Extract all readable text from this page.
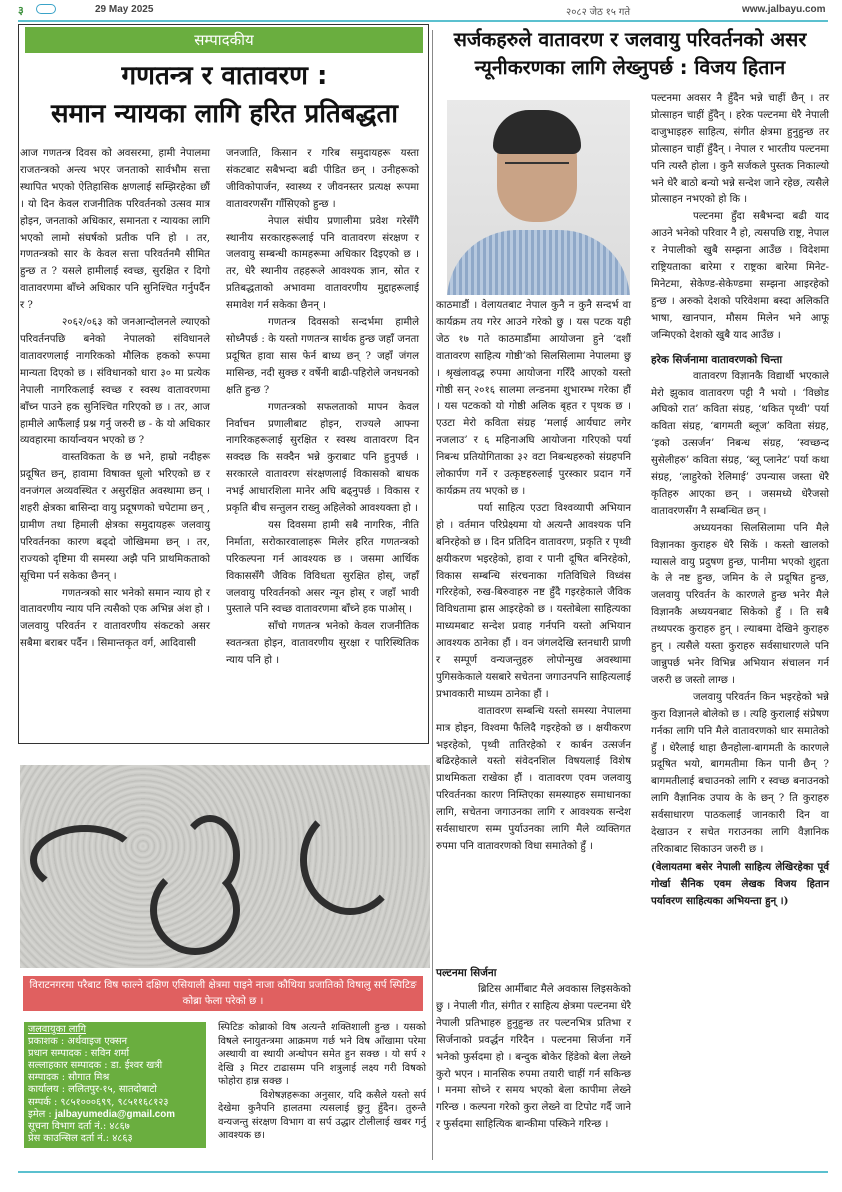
३	29 May 2025	२०८२ जेठ १५ गते	www.jalbayu.com
सम्पादकीय
गणतन्त्र र वातावरण :
समान न्यायका लागि हरित प्रतिबद्धता

आज गणतन्त्र दिवस को अवसरमा, हामी नेपालमा राजतन्त्रको अन्त्य भएर जनताको सार्वभौम सत्ता स्थापित भएको ऐतिहासिक क्षणलाई सम्झिरहेका छौं । यो दिन केवल राजनीतिक परिवर्तनको उत्सव मात्र होइन, जनताको अधिकार, समानता र न्यायका लागि भएको लामो संघर्षको प्रतीक पनि हो । तर, गणतन्त्रको सार के केवल सत्ता परिवर्तनमै सीमित हुन्छ त ? यसले हामीलाई स्वच्छ, सुरक्षित र दिगो वातावरणमा बाँच्ने अधिकार पनि सुनिश्चित गर्नुपर्दैन र ?

२०६२/०६३ को जनआन्दोलनले ल्याएको परिवर्तनपछि बनेको नेपालको संविधानले वातावरणलाई नागरिकको मौलिक हकको रूपमा मान्यता दिएको छ । संविधानको धारा ३० मा प्रत्येक नेपाली नागरिकलाई स्वच्छ र स्वस्थ वातावरणमा बाँच्न पाउने हक सुनिश्चित गरिएको छ । तर, आज हामीले आफैंलाई प्रश्न गर्नु जरुरी छ - के यो अधिकार व्यवहारमा कार्यान्वयन भएको छ ?

वास्तविकता के छ भने, हाम्रो नदीहरू प्रदूषित छन्, हावामा विषाक्त धूलो भरिएको छ र वनजंगल अव्यवस्थित र असुरक्षित अवस्थामा छन् । शहरी क्षेत्रका बासिन्दा वायु प्रदूषणको चपेटामा छन् , ग्रामीण तथा हिमाली क्षेत्रका समुदायहरू जलवायु परिवर्तनका कारण बढ्दो जोखिममा छन् । तर, राज्यको दृष्टिमा यी समस्या अझै पनि प्राथमिकताको सूचिमा पर्न सकेका छैनन् ।

गणतन्त्रको सार भनेको समान न्याय हो र वातावरणीय न्याय पनि त्यसैको एक अभिन्न अंश हो । जलवायु परिवर्तन र वातावरणीय संकटको असर सबैमा बराबर पर्दैन । सिमान्तकृत वर्ग, आदिवासी

जनजाति, किसान र गरिब समुदायहरू यस्ता संकटबाट सबैभन्दा बढी पीडित छन् । उनीहरूको जीविकोपार्जन, स्वास्थ्य र जीवनस्तर प्रत्यक्ष रूपमा वातावरणसँग गाँसिएको हुन्छ ।

नेपाल संघीय प्रणालीमा प्रवेश गरेसँगै स्थानीय सरकारहरूलाई पनि वातावरण संरक्षण र जलवायु सम्बन्धी कामहरूमा अधिकार दिइएको छ । तर, धेरै स्थानीय तहहरूले आवश्यक ज्ञान, स्रोत र प्रतिबद्धताको अभावमा वातावरणीय मुद्दाहरूलाई समावेश गर्न सकेका छैनन् ।

गणतन्त्र दिवसको सन्दर्भमा हामीले सोध्नैपर्छ : के यस्तो गणतन्त्र सार्थक हुन्छ जहाँ जनता प्रदूषित हावा सास फेर्न बाध्य छन् ? जहाँ जंगल मासिन्छ, नदी सुक्छ र वर्षेनी बाढी-पहिरोले जनधनको क्षति हुन्छ ?

गणतन्त्रको सफलताको मापन केवल निर्वाचन प्रणालीबाट होइन, राज्यले आफ्ना नागरिकहरूलाई सुरक्षित र स्वस्थ वातावरण दिन सक्दछ कि सक्दैन भन्ने कुराबाट पनि हुनुपर्छ । सरकारले वातावरण संरक्षणलाई विकासको बाधक नभई आधारशिला मानेर अघि बढ्नुपर्छ । विकास र प्रकृति बीच सन्तुलन राख्नु अहिलेको आवश्यक्ता हो ।

यस दिवसमा हामी सबै नागरिक, नीति निर्माता, सरोकारवालाहरू मिलेर हरित गणतन्त्रको परिकल्पना गर्न आवश्यक छ । जसमा आर्थिक विकाससँगै जैविक विविधता सुरक्षित होस्, जहाँ जलवायु परिवर्तनको असर न्यून होस् र जहाँ भावी पुस्ताले पनि स्वच्छ वातावरणमा बाँच्ने हक पाओस् ।

साँचो गणतन्त्र भनेको केवल राजनीतिक स्वतन्त्रता होइन, वातावरणीय सुरक्षा र पारिस्थितिक न्याय पनि हो ।

विराटनगरमा परैबाट विष फाल्ने दक्षिण एसियाली क्षेत्रमा पाइने नाजा कौथिया प्रजातिको विषालु सर्प स्पिटिङ कोब्रा फेला परेको छ ।
जलवायुका लागि
प्रकाशक : अर्थवाइज एक्सन
प्रधान सम्पादक : सविन शर्मा
सल्लाहकार सम्पादक : डा. ईश्वर खत्री
सम्पादक : सौगात मिश्र
कार्यालय : ललितपुर-१५, सातदोबाटो
सम्पर्क : ९८५१०००६९९, ९८५११६८१२३
इमेल : jalbayumedia@gmail.com
सूचना विभाग दर्ता नं.: ४८६७
प्रेस काउन्सिल दर्ता नं.: ४८६३

स्पिटिङ कोब्राको विष अत्यन्तै शक्तिशाली हुन्छ । यसको विषले स्नायुतन्त्रमा आक्रमण गर्छ भने विष आँखामा परेमा अस्थायी वा स्थायी अन्धोपन समेत हुन सक्छ । यो सर्प २ देखि ३ मिटर टाढासम्म पनि शत्रुलाई लक्ष्य गरी विषको फोहोरा हान्न सक्छ ।

विशेषज्ञहरूका अनुसार, यदि कसैले यस्तो सर्प देखेमा कुनैपनि हालतमा त्यसलाई छुनु हुँदैन। तुरुन्तै वन्यजन्तु संरक्षण विभाग वा सर्प उद्धार टोलीलाई खबर गर्नु आवश्यक छ।

सर्जकहरुले वातावरण र जलवायु परिवर्तनको असर
न्यूनीकरणका लागि लेख्नुपर्छ : विजय हितान

काठमाडौं । वेलायतबाट नेपाल कुनै न कुनै सन्दर्भ वा कार्यक्रम तय गरेर आउने गरेको छु । यस पटक यही जेठ १७ गते काठमाडौंमा आयोजना हुने ‘दशौं वातावरण साहित्य गोष्ठी’को सिलसिलामा नेपालमा छु । श्रृखंलावद्ध रुपमा आयोजना गरिँदै आएको यस्तो गोष्ठी सन् २०१६ सालमा लन्डनमा शुभारम्भ गरेका हौं । यस पटकको यो गोष्ठी अलिक बृहत र पृथक छ । एउटा मेरो कविता संग्रह ‘मलाई आर्यघाट लगेर नजलाउ’ र ६ महिनाअघि आयोजना गरिएको पर्या निबन्ध प्रतियोगिताका ३२ वटा निबन्धहरुको संग्रहपनि लोकार्पण गर्ने र उत्कृष्टहरुलाई पुरस्कार प्रदान गर्ने कार्यक्रम तय भएको छ ।

पर्या साहित्य एउटा विश्वव्यापी अभियान हो । वर्तमान परिप्रेक्ष्यमा यो अत्यन्तै आवश्यक पनि बनिरहेको छ । दिन प्रतिदिन वातावरण, प्रकृति र पृथ्वी क्षयीकरण भइरहेको, हावा र पानी दूषित बनिरहेको, विकास सम्बन्धि संरचनाका गतिविधिले विध्वंस गरिरहेको, रुख-बिरुवाहरु नष्ट हुँदै गइरहेकाले जैविक विविधतामा ह्रास आइरहेको छ । यस्तोबेला साहित्यका माध्यमबाट सन्देश प्रवाह गर्नपनि यस्तो अभियान आवश्यक ठानेका हौं । वन जंगलदेखि स्तनधारी प्राणी र सम्पूर्ण वन्यजन्तुहरु लोपोन्मुख अवस्थामा पुगिसकेकाले यसबारे सचेतना जगाउनपनि साहित्यलाई प्रभावकारी माध्यम ठानेका हौं ।

वातावरण सम्बन्धि यस्तो समस्या नेपालमा मात्र होइन, विश्वमा फैलिदै गइरहेको छ । क्षयीकरण भइरहेको, पृथ्वी तातिरहेको र कार्बन उत्सर्जन बढिरहेकाले यस्तो संवेदनशिल विषयलाई विशेष प्राथमिकता राखेका हौं । वातावरण एवम जलवायु परिवर्तनका कारण निम्तिएका समस्याहरु समाधानका लागि, सचेतना जगाउनका लागि र आवश्यक सन्देश सर्वसाधारण सम्म पुर्याउनका लागि मैले व्यक्तिगत रुपमा पनि वातावरणको विधा समातेको हुँ ।

पल्टनमा सिर्जना

ब्रिटिस आर्मीबाट मैले अवकास लिइसकेको छु । नेपाली गीत, संगीत र साहित्य क्षेत्रमा पल्टनमा धेरै नेपाली प्रतिभाहरु हुनुहुन्छ तर पल्टनभित्र प्रतिभा र सिर्जनाको प्रवर्द्धन गरिदैन । पल्टनमा सिर्जना गर्ने भनेको फुर्सदमा हो । बन्दुक बोकेर हिंडेको बेला लेख्ने कुरो भएन । मानसिक रुपमा तयारी चाहीं गर्न सकिन्छ । मनमा सोच्ने र समय भएको बेला कापीमा लेख्ने गरिन्छ । कल्पना गरेको कुरा लेख्ने वा टिपोट गर्दै जाने र फुर्सदमा साहित्यिक बान्कीमा पस्किने गरिन्छ ।

पल्टनमा अवसर नै हुँदैन भन्ने चाहीं छैन् । तर प्रोत्साहन चाहीं हुँदैन् । हरेक पल्टनमा धेरै नेपाली दाजुभाइहरु साहित्य, संगीत क्षेत्रमा हुनुहुन्छ तर प्रोत्साहन चाहीं हुँदैन् । नेपाल र भारतीय पल्टनमा पनि त्यस्तै होला । कुनै सर्जकले पुस्तक निकाल्यो भने धेरै बाठो बन्यो भन्ने सन्देश जाने रहेछ, त्यसैले प्रोत्साहन नभएको हो कि ।

पल्टनमा हुँदा सबैभन्दा बढी याद आउने भनेको परिवार नै हो, त्यसपछि राष्ट्र, नेपाल र नेपालीको खुबै सम्झना आउँछ । विदेशमा राष्ट्रियताका बारेमा र राष्ट्रका बारेमा मिनेट-मिनेटमा, सेकेण्ड-सेकेण्डमा सम्झना आइरहेको हुन्छ । अरुको देशको परिवेशमा बस्दा अलिकति भाषा, खानपान, मौसम मिलेन भने आफू जन्मिएको देशको खुबै याद आउँछ ।

हरेक सिर्जनामा वातावरणको चिन्ता

वातावरण विज्ञानकै विद्यार्थी भएकाले मेरो झुकाव वातावरण पट्टी नै भयो । ‘विछोड अघिको रात’ कविता संग्रह, ‘थकित पृथ्वी’ पर्या कविता संग्रह, ‘बागमती ब्लूज’ कविता संग्रह, ‘इको उत्सर्जन’ निबन्ध संग्रह, ‘स्वच्छन्द सुसेलीहरु’ कविता संग्रह, ‘ब्लू प्लानेट’ पर्या कथा संग्रह, ‘लाहुरेको रेलिमाई’ उपन्यास जस्ता धेरै कृतिहरु आएका छन् । जसमध्ये धेरैजसो वातावरणसँग नै सम्बन्धित छन् ।

अध्ययनका सिलसिलामा पनि मैले विज्ञानका कुराहरु धेरै सिकें । कस्तो खालको ग्यासले वायु प्रदुषण हुन्छ, पानीमा भएको शुद्दता के ले नष्ट हुन्छ, जमिन के ले प्रदूषित हुन्छ, जलवायु परिवर्तन के कारणले हुन्छ भनेर मैले विज्ञानकै अध्ययनबाट सिकेको हुँ । ति सबै तथ्यपरक कुराहरु हुन् । ल्याबमा देखिने कुराहरु हुन् । त्यसैले यस्ता कुराहरु सर्वसाधारणले पनि जान्नुपर्छ भनेर विभिन्न अभियान संचालन गर्न जरुरी छ जस्तो लाग्छ ।

जलवायु परिवर्तन किन भइरहेको भन्ने कुरा विज्ञानले बोलेको छ । त्यहि कुरालाई संप्रेषण गर्नका लागि पनि मैले वातावरणको धार समातेको हुँ । धेरैलाई थाहा छैनहोला-बागमती के कारणले प्रदूषित भयो, बागमतीमा किन पानी छैन् ? बागमतीलाई बचाउनको लागि र स्वच्छ बनाउनको लागि वैज्ञानिक उपाय के के छन् ? ति कुराहरु सर्वसाधारण पाठकलाई जानकारी दिन वा देखाउन र सचेत गराउनका लागि वैज्ञानिक तरिकाबाट सिकाउन जरुरी छ ।

(वेलायतमा बसेर नेपाली साहित्य लेखिरहेका पूर्व गोर्खा सैनिक एवम लेखक विजय हितान पर्यावरण साहित्यका अभियन्ता हुन् ।)
